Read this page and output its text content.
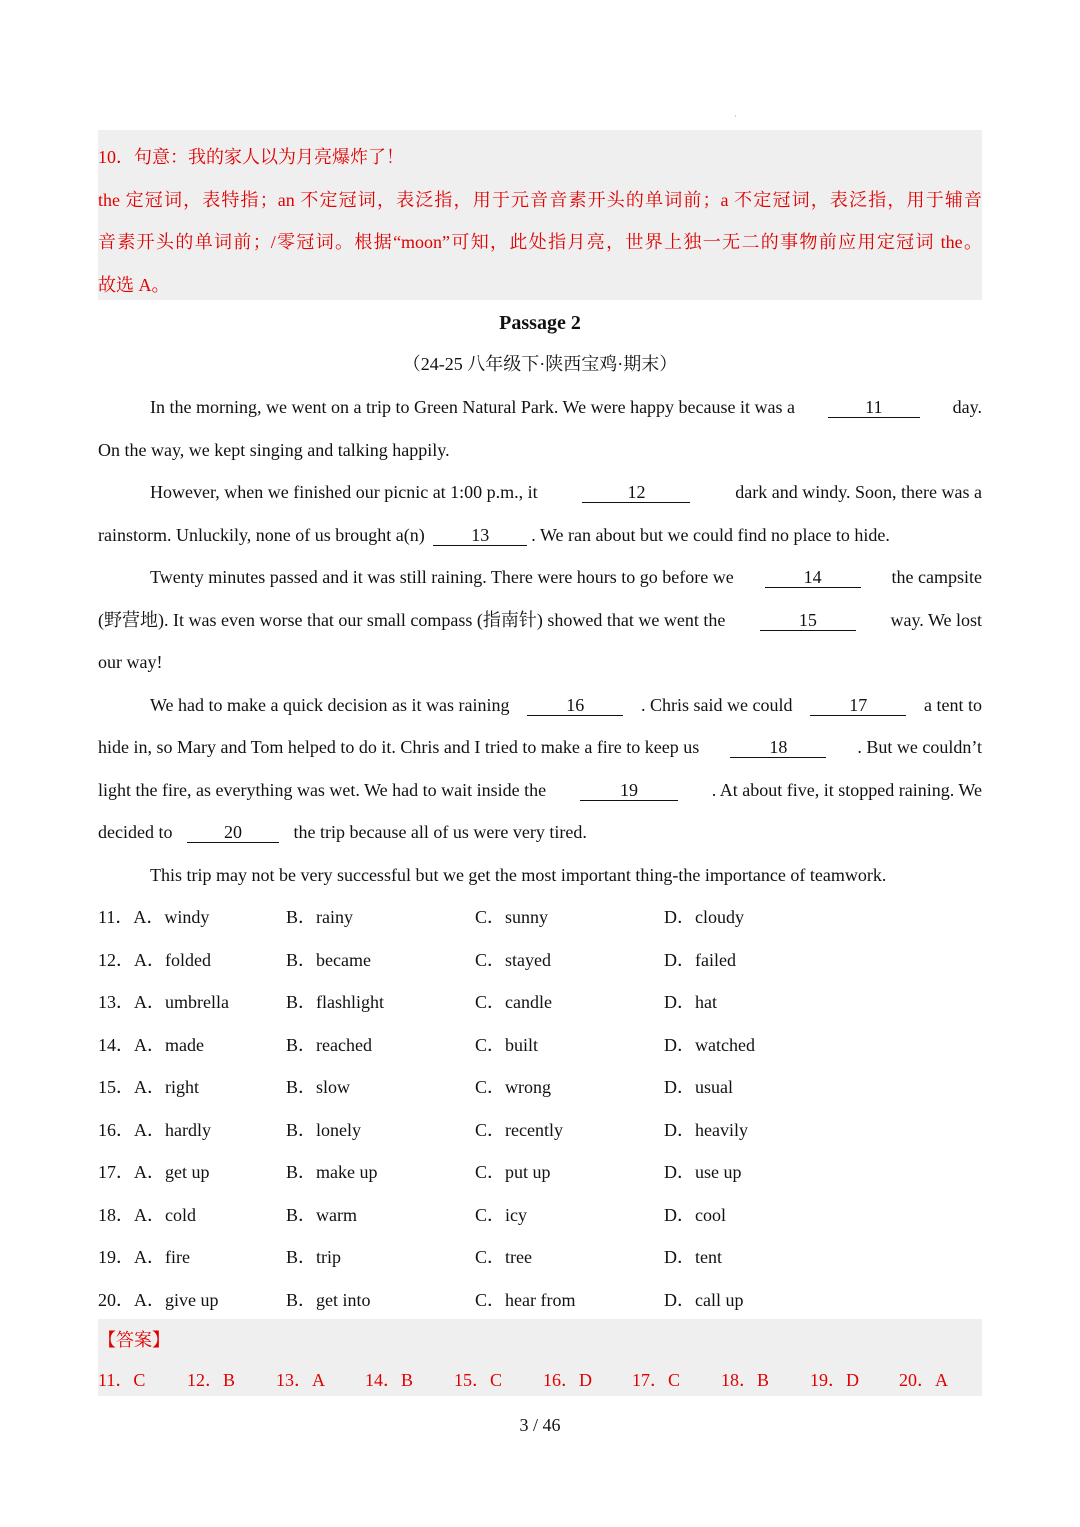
·
10．句意：我的家人以为月亮爆炸了！
the 定冠词，表特指；an 不定冠词，表泛指，用于元音音素开头的单词前；a 不定冠词，表泛指，用于辅音
音素开头的单词前；/零冠词。根据“moon”可知，此处指月亮，世界上独一无二的事物前应用定冠词 the。
故选 A。
Passage 2
（24-25 八年级下·陕西宝鸡·期末）
In the morning, we went on a trip to Green Natural Park. We were happy because it was a	11	day.
On the way, we kept singing and talking happily.
However, when we finished our picnic at 1:00 p.m., it	12	dark and windy. Soon, there was a
rainstorm. Unluckily, none of us brought a(n)	13 . We ran about but we could find no place to hide.
Twenty minutes passed and it was still raining. There were hours to go before we	14	the campsite
(野营地). It was even worse that our small compass (指南针) showed that we went the	15	way. We lost
our way!
We had to make a quick decision as it was raining	16	. Chris said we could	17	a tent to
hide in, so Mary and Tom helped to do it. Chris and I tried to make a fire to keep us	18	. But we couldn’t
light the fire, as everything was wet. We had to wait inside the	19	. At about five, it stopped raining. We
decided to	20	the trip because all of us were very tired.
This trip may not be very successful but we get the most important thing-the importance of teamwork.
11．A．windy	B．rainy	C．sunny	D．cloudy
12．A．folded	B．became	C．stayed	D．failed
13．A．umbrella	B．flashlight	C．candle	D．hat
14．A．made	B．reached	C．built	D．watched
15．A．right	B．slow	C．wrong	D．usual
16．A．hardly	B．lonely	C．recently	D．heavily
17．A．get up	B．make up	C．put up	D．use up
18．A．cold	B．warm	C．icy	D．cool
19．A．fire	B．trip	C．tree	D．tent
20．A．give up	B．get into	C．hear from	D．call up
【答案】
11．C 12．B 13．A 14．B 15．C 16．D 17．C 18．B 19．D 20．A
3 / 46
